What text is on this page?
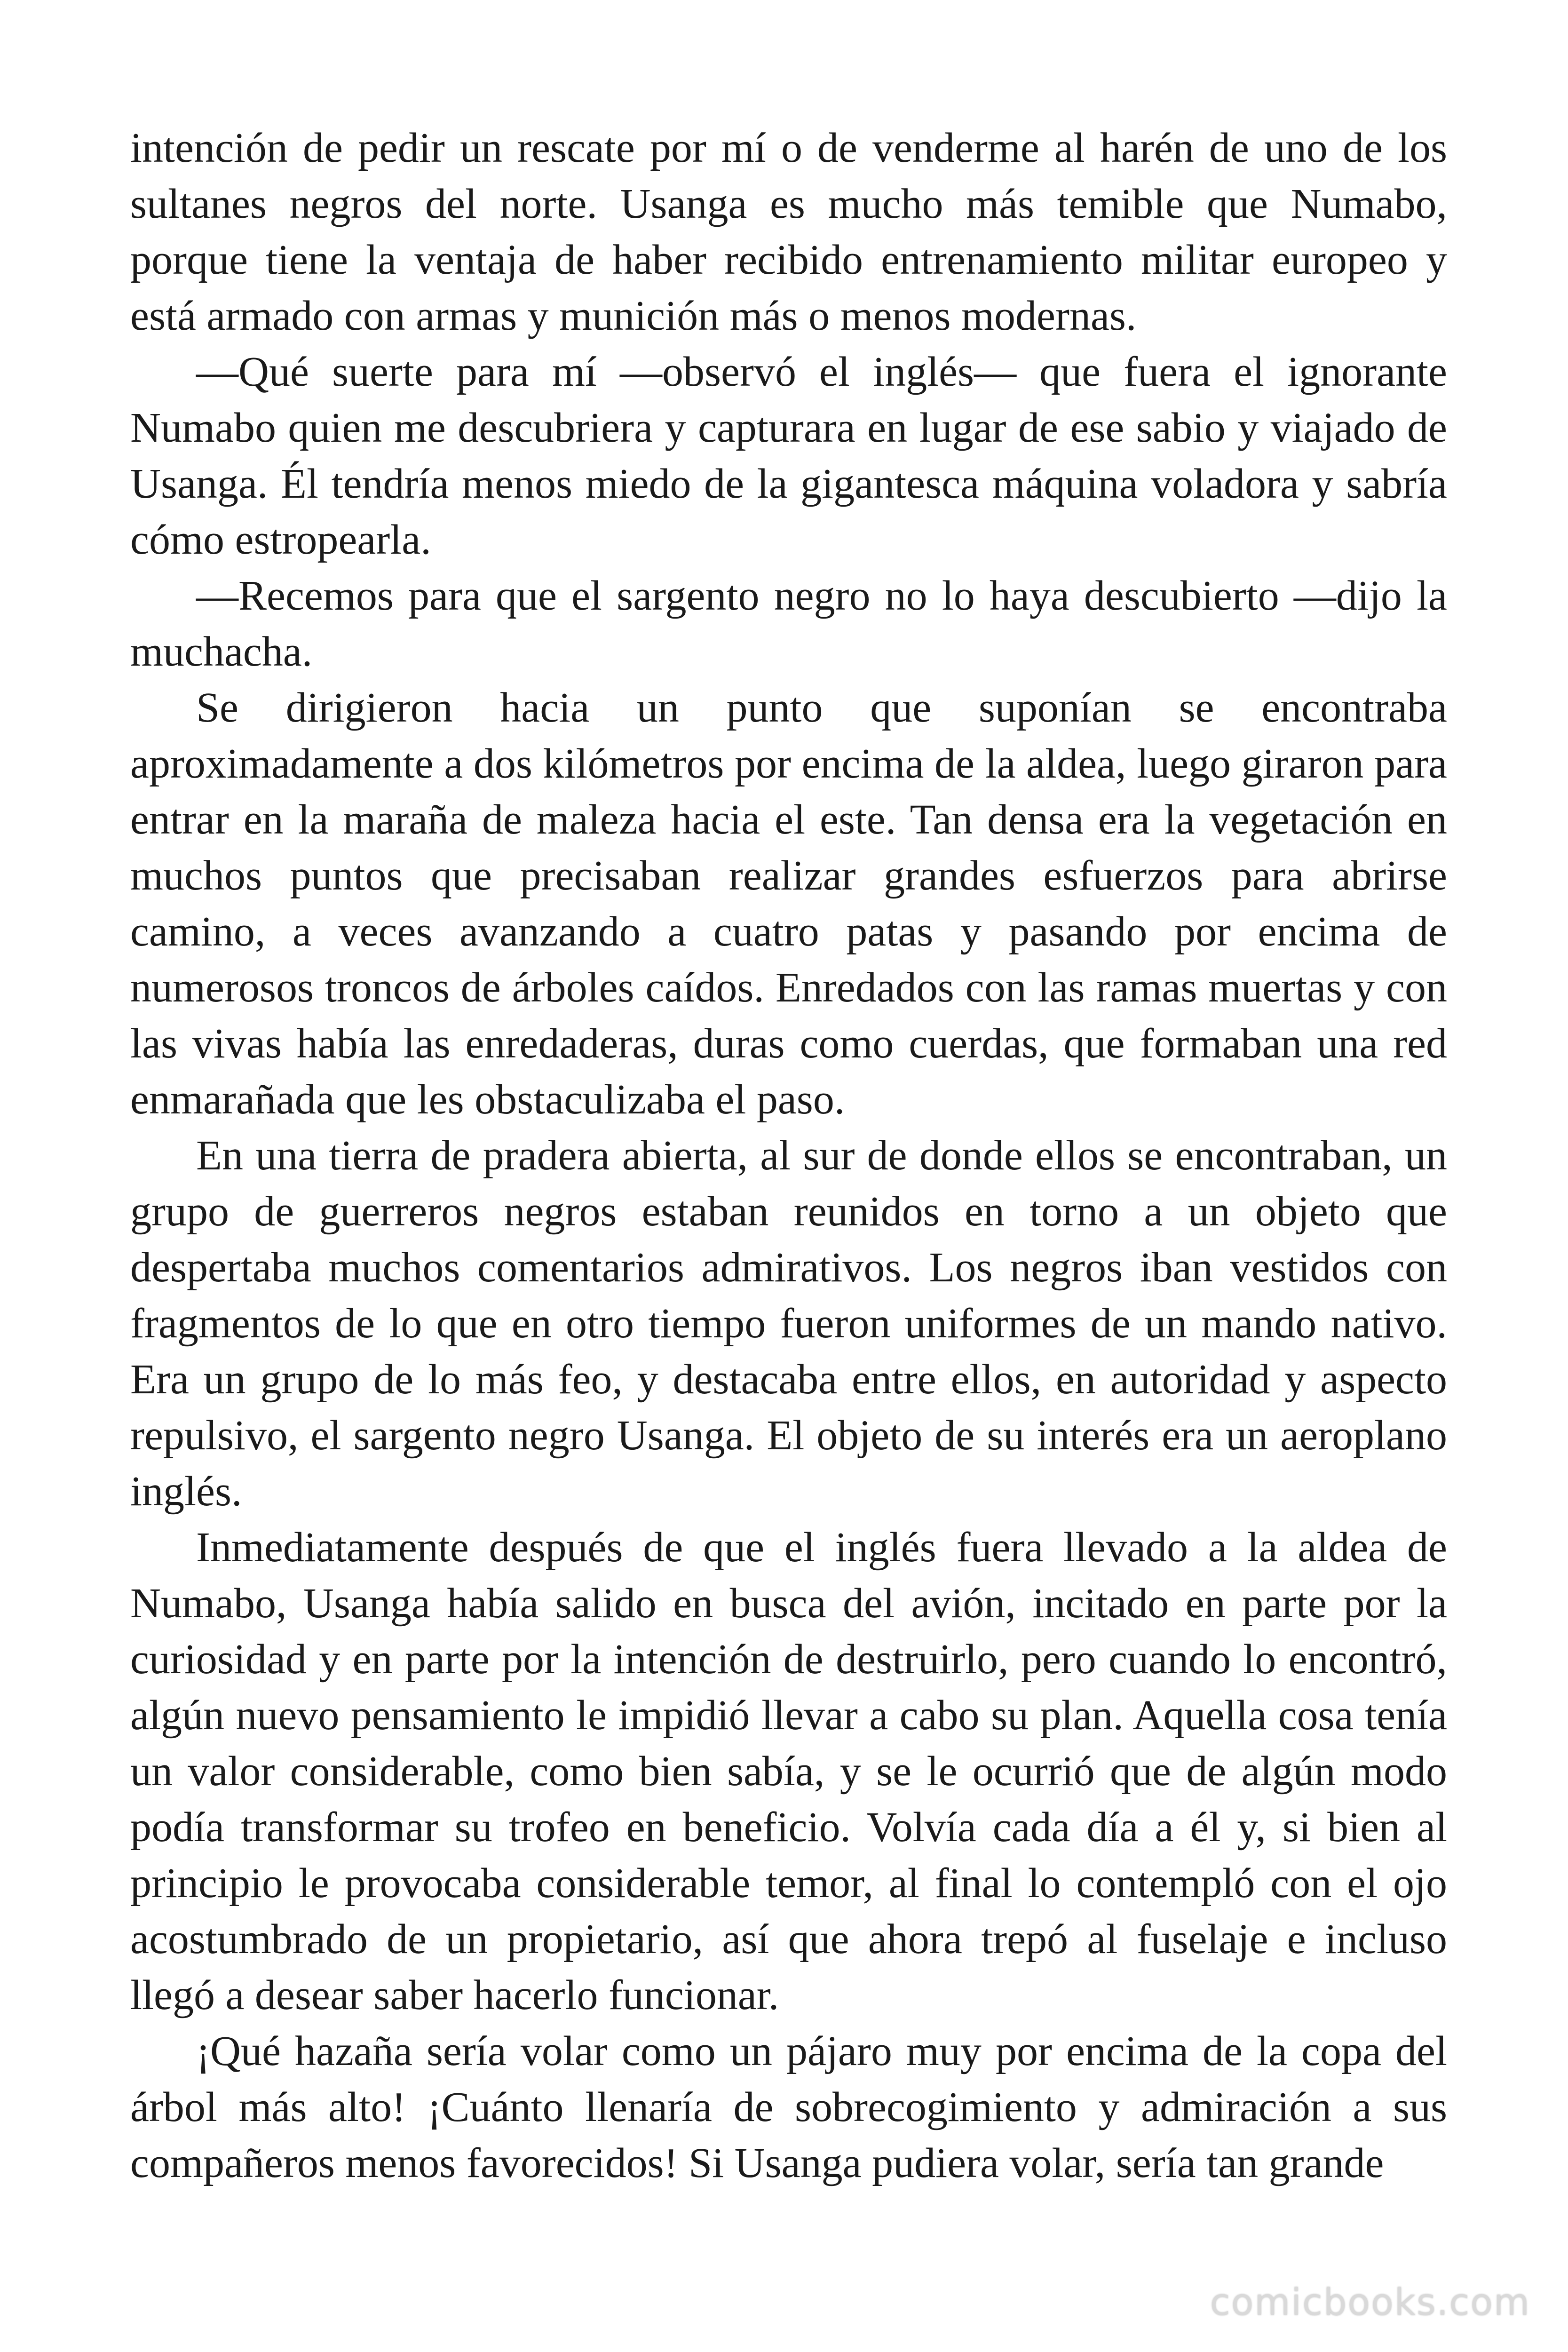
intención de pedir un rescate por mí o de venderme al harén de uno de los sultanes negros del norte. Usanga es mucho más temible que Numabo, porque tiene la ventaja de haber recibido entrenamiento militar europeo y está armado con armas y munición más o menos modernas.

—Qué suerte para mí —observó el inglés— que fuera el ignorante Numabo quien me descubriera y capturara en lugar de ese sabio y viajado de Usanga. Él tendría menos miedo de la gigantesca máquina voladora y sabría cómo estropearla.

—Recemos para que el sargento negro no lo haya descubierto —dijo la muchacha.

Se dirigieron hacia un punto que suponían se encontraba aproximadamente a dos kilómetros por encima de la aldea, luego giraron para entrar en la maraña de maleza hacia el este. Tan densa era la vegetación en muchos puntos que precisaban realizar grandes esfuerzos para abrirse camino, a veces avanzando a cuatro patas y pasando por encima de numerosos troncos de árboles caídos. Enredados con las ramas muertas y con las vivas había las enredaderas, duras como cuerdas, que formaban una red enmarañada que les obstaculizaba el paso.

En una tierra de pradera abierta, al sur de donde ellos se encontraban, un grupo de guerreros negros estaban reunidos en torno a un objeto que despertaba muchos comentarios admirativos. Los negros iban vestidos con fragmentos de lo que en otro tiempo fueron uniformes de un mando nativo. Era un grupo de lo más feo, y destacaba entre ellos, en autoridad y aspecto repulsivo, el sargento negro Usanga. El objeto de su interés era un aeroplano inglés.

Inmediatamente después de que el inglés fuera llevado a la aldea de Numabo, Usanga había salido en busca del avión, incitado en parte por la curiosidad y en parte por la intención de destruirlo, pero cuando lo encontró, algún nuevo pensamiento le impidió llevar a cabo su plan. Aquella cosa tenía un valor considerable, como bien sabía, y se le ocurrió que de algún modo podía transformar su trofeo en beneficio. Volvía cada día a él y, si bien al principio le provocaba considerable temor, al final lo contempló con el ojo acostumbrado de un propietario, así que ahora trepó al fuselaje e incluso llegó a desear saber hacerlo funcionar.

¡Qué hazaña sería volar como un pájaro muy por encima de la copa del árbol más alto! ¡Cuánto llenaría de sobrecogimiento y admiración a sus compañeros menos favorecidos! Si Usanga pudiera volar, sería tan grande

comicbooks.com
